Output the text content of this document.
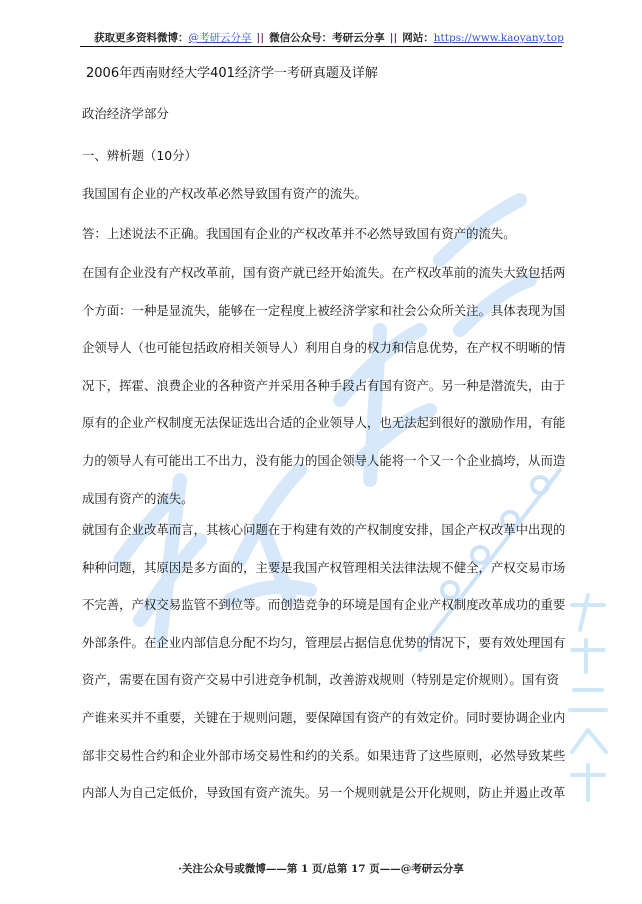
获取更多资料微博：@考研云分享 || 微信公众号：考研云分享 || 网站：https://www.kaoyany.top
2006年西南财经大学401经济学一考研真题及详解
政治经济学部分
一、辨析题（10分）
我国国有企业的产权改革必然导致国有资产的流失。
答：上述说法不正确。我国国有企业的产权改革并不必然导致国有资产的流失。
在国有企业没有产权改革前，国有资产就已经开始流失。在产权改革前的流失大致包括两
个方面：一种是显流失，能够在一定程度上被经济学家和社会公众所关注。具体表现为国
企领导人（也可能包括政府相关领导人）利用自身的权力和信息优势，在产权不明晰的情
况下，挥霍、浪费企业的各种资产并采用各种手段占有国有资产。另一种是潜流失，由于
原有的企业产权制度无法保证选出合适的企业领导人，也无法起到很好的激励作用，有能
力的领导人有可能出工不出力，没有能力的国企领导人能将一个又一个企业搞垮，从而造
成国有资产的流失。
就国有企业改革而言，其核心问题在于构建有效的产权制度安排，国企产权改革中出现的
种种问题，其原因是多方面的，主要是我国产权管理相关法律法规不健全，产权交易市场
不完善，产权交易监管不到位等。而创造竞争的环境是国有企业产权制度改革成功的重要
外部条件。在企业内部信息分配不均匀，管理层占据信息优势的情况下，要有效处理国有
资产，需要在国有资产交易中引进竞争机制，改善游戏规则（特别是定价规则）。国有资
产谁来买并不重要，关键在于规则问题，要保障国有资产的有效定价。同时要协调企业内
部非交易性合约和企业外部市场交易性和约的关系。如果违背了这些原则，必然导致某些
内部人为自己定低价，导致国有资产流失。另一个规则就是公开化规则，防止并遏止改革
·关注公众号或微博——第 1 页/总第 17 页——@考研云分享
